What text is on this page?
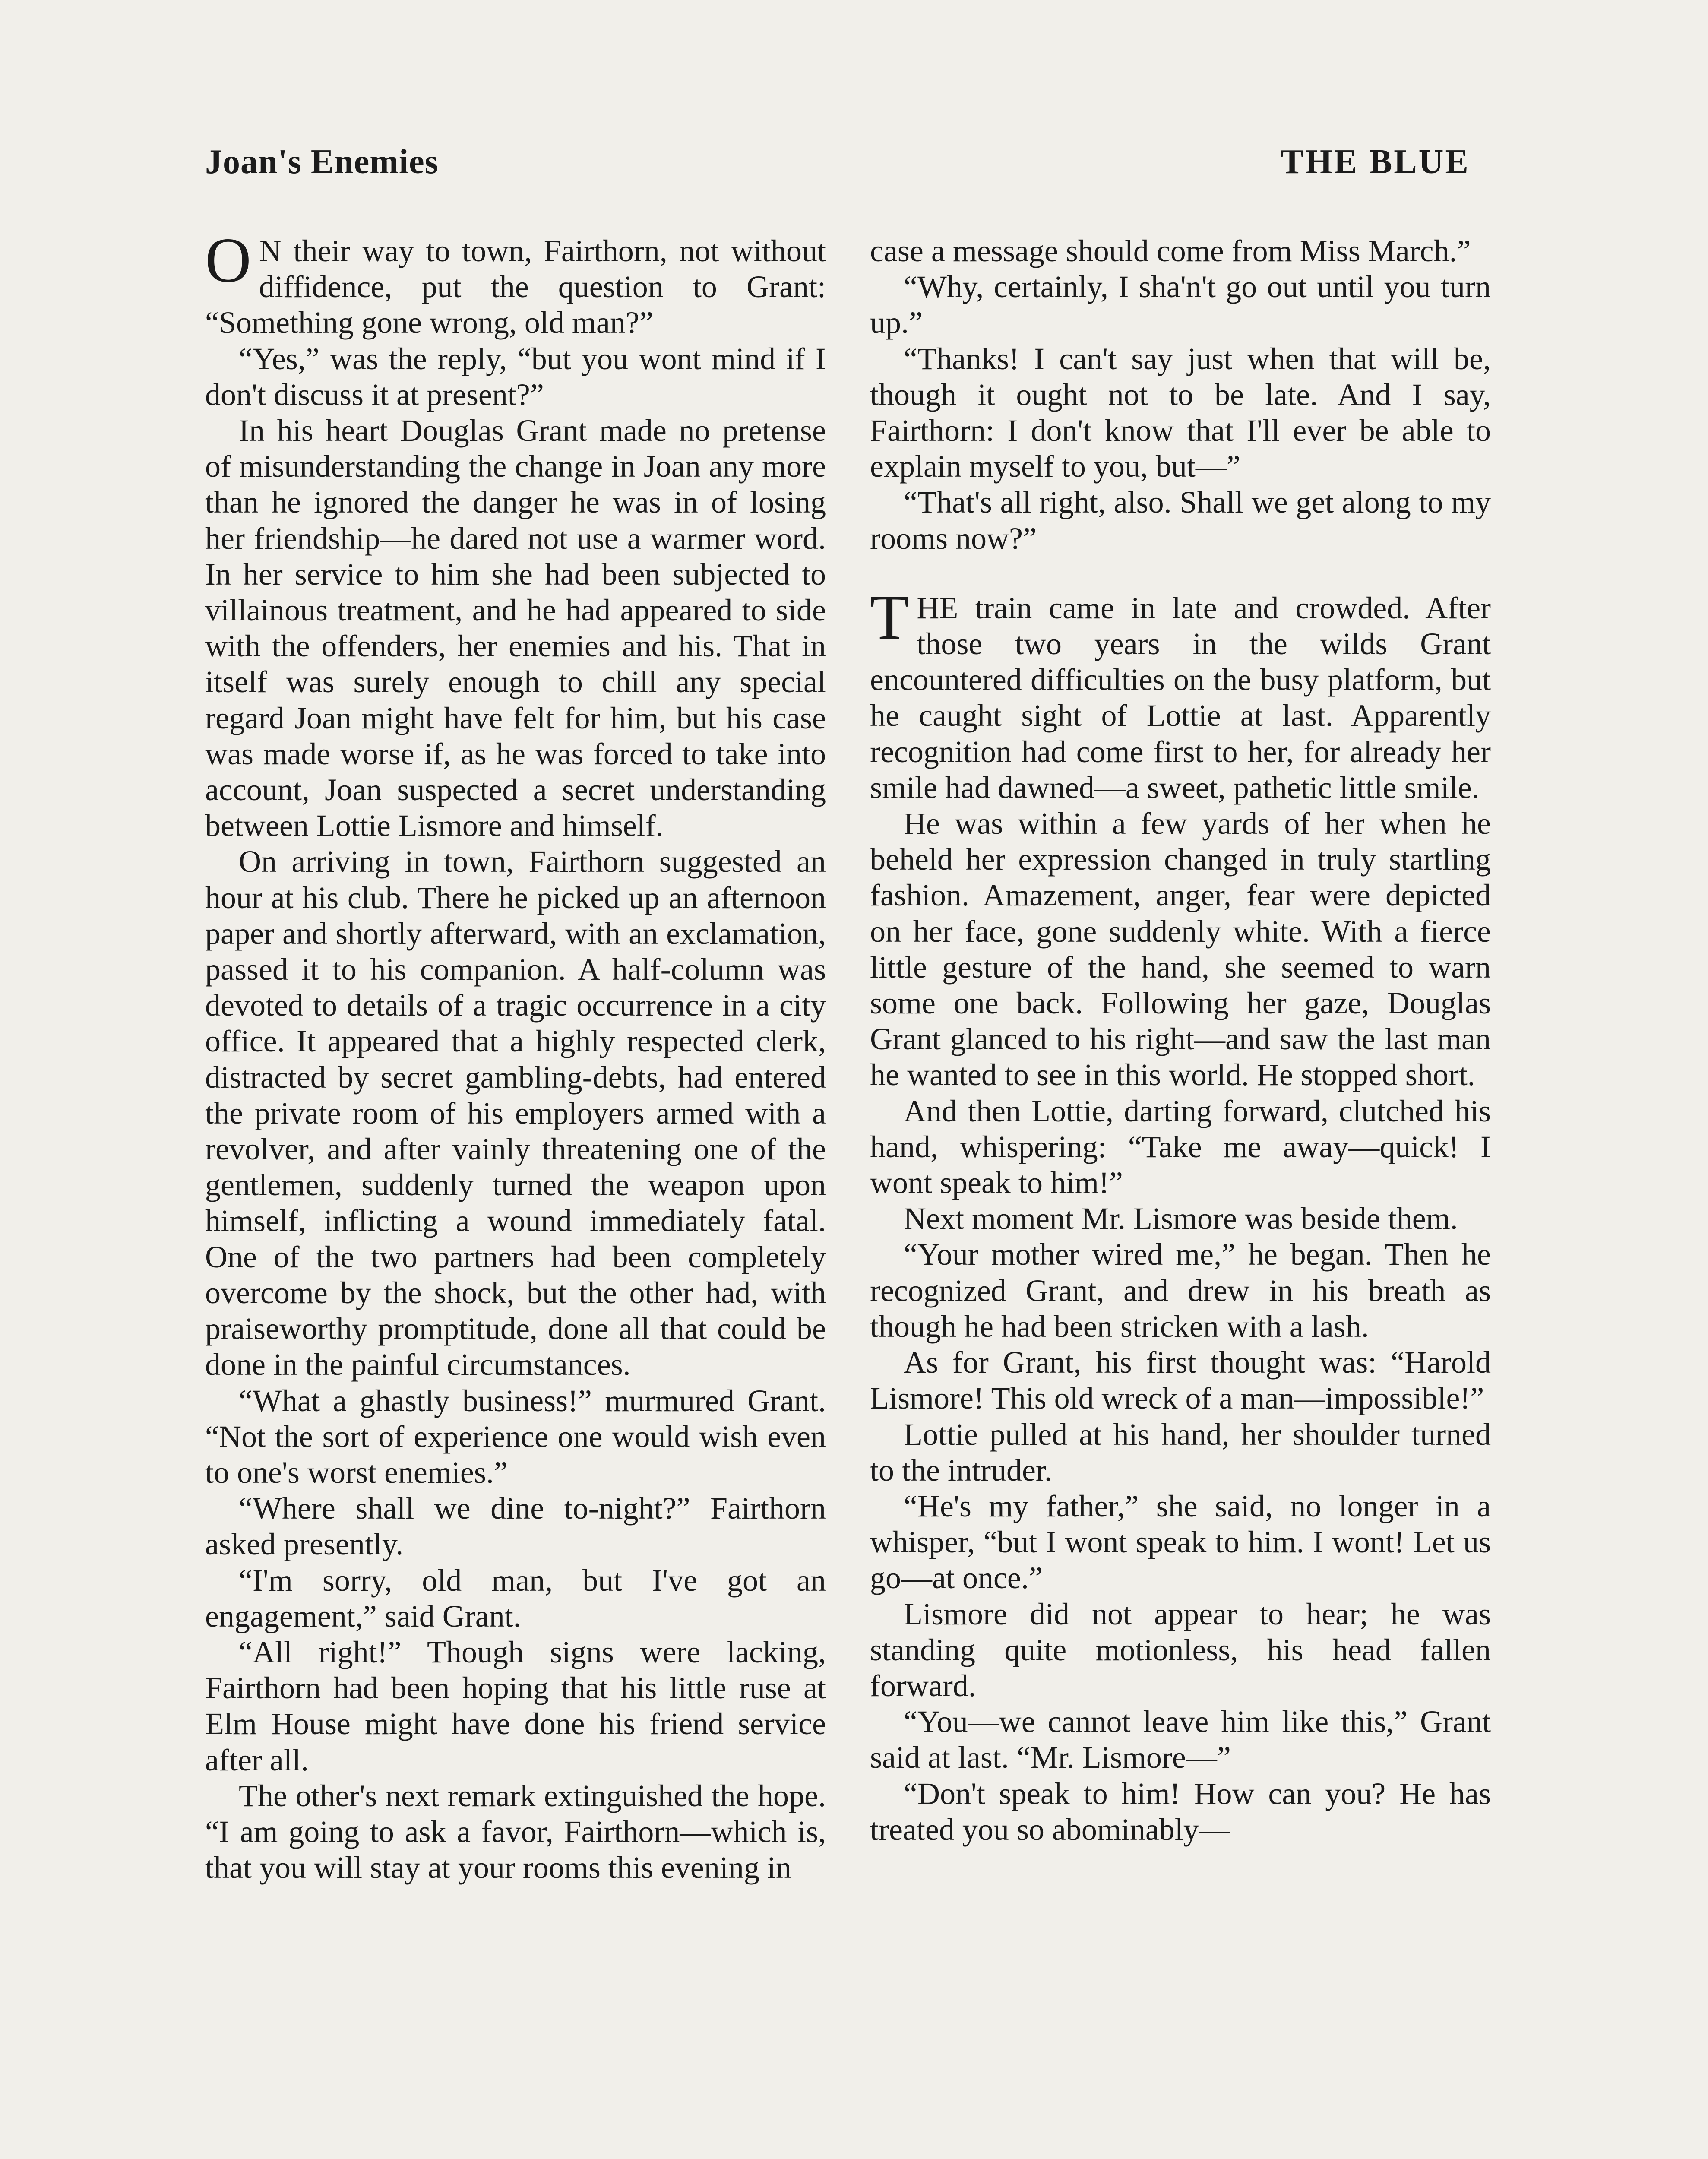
Joan's Enemies	THE BLUE

O N their way to town, Fairthorn, not without diffidence, put the question to Grant: “Something gone wrong, old man?”

“Yes,” was the reply, “but you wont mind if I don't discuss it at present?”

In his heart Douglas Grant made no pretense of misunderstanding the change in Joan any more than he ignored the danger he was in of losing her friendship—he dared not use a warmer word. In her service to him she had been subjected to villainous treatment, and he had appeared to side with the offenders, her enemies and his. That in itself was surely enough to chill any special regard Joan might have felt for him, but his case was made worse if, as he was forced to take into account, Joan suspected a secret understanding between Lottie Lismore and himself.

On arriving in town, Fairthorn suggested an hour at his club. There he picked up an afternoon paper and shortly afterward, with an exclamation, passed it to his companion. A half-column was devoted to details of a tragic occurrence in a city office. It appeared that a highly respected clerk, distracted by secret gambling-debts, had entered the private room of his employers armed with a revolver, and after vainly threatening one of the gentlemen, suddenly turned the weapon upon himself, inflicting a wound immediately fatal. One of the two partners had been completely overcome by the shock, but the other had, with praiseworthy promptitude, done all that could be done in the painful circumstances.

“What a ghastly business!” murmured Grant. “Not the sort of experience one would wish even to one's worst enemies.”

“Where shall we dine to-night?” Fairthorn asked presently.

“I'm sorry, old man, but I've got an engagement,” said Grant.

“All right!” Though signs were lacking, Fairthorn had been hoping that his little ruse at Elm House might have done his friend service after all.

The other's next remark extinguished the hope. “I am going to ask a favor, Fairthorn—which is, that you will stay at your rooms this evening in

case a message should come from Miss March.”

“Why, certainly, I sha'n't go out until you turn up.”

“Thanks! I can't say just when that will be, though it ought not to be late. And I say, Fairthorn: I don't know that I'll ever be able to explain myself to you, but—”

“That's all right, also. Shall we get along to my rooms now?”

THE train came in late and crowded. After those two years in the wilds Grant encountered difficulties on the busy platform, but he caught sight of Lottie at last. Apparently recognition had come first to her, for already her smile had dawned—a sweet, pathetic little smile.

He was within a few yards of her when he beheld her expression changed in truly startling fashion. Amazement, anger, fear were depicted on her face, gone suddenly white. With a fierce little gesture of the hand, she seemed to warn some one back. Following her gaze, Douglas Grant glanced to his right—and saw the last man he wanted to see in this world. He stopped short.

And then Lottie, darting forward, clutched his hand, whispering: “Take me away—quick! I wont speak to him!”

Next moment Mr. Lismore was beside them.

“Your mother wired me,” he began. Then he recognized Grant, and drew in his breath as though he had been stricken with a lash.

As for Grant, his first thought was: “Harold Lismore! This old wreck of a man—impossible!”

Lottie pulled at his hand, her shoulder turned to the intruder.

“He's my father,” she said, no longer in a whisper, “but I wont speak to him. I wont! Let us go—at once.”

Lismore did not appear to hear; he was standing quite motionless, his head fallen forward.

“You—we cannot leave him like this,” Grant said at last. “Mr. Lismore—”

“Don't speak to him! How can you? He has treated you so abominably—
